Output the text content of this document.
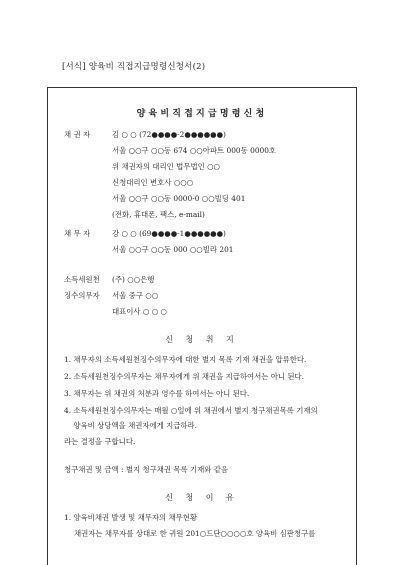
[서식] 양육비 직접지급명령신청서(2)
양육비직접지급명령신청
채 권 자	김 ○ ○ (72●●●●-2●●●●●●)
서울 ○○구 ○○동 674 ○○아파트 000동 0000호
위 채권자의 대리인 법무법인 ○○
신청대리인 변호사 ○○○
서울 ○○구 ○○동 0000-0 ○○빌딩 401
(전화, 휴대폰, 팩스, e-mail)
채 무 자	강 ○ ○ (69●●●●-1●●●●●●)
서울 ○○구 ○○동 000 ○○빌라 201
소득세원천 (주) ○○은행
징수의무자 서울 중구 ○○
대표이사 ○ ○ ○
신 청 취 지
1. 채무자의 소득세원천징수의무자에 대한 별지 목록 기재 채권을 압류한다.
2. 소득세원천징수의무자는 채무자에게 위 채권을 지급하여서는 아니 된다.
3. 채무자는 위 채권의 처분과 영수를 하여서는 아니 된다.
4. 소득세원천징수의무자는 매월 ○일에 위 채권에서 별지 청구채권목록 기재의
양육비 상당액을 채권자에게 지급하라.
라는 결정을 구합니다.
청구채권 및 금액 : 별지 청구채권 목록 기재와 같음
신 청 이 유
1. 양육비채권 발생 및 채무자의 채무현황
채권자는 채무자를 상대로 한 귀원 201○드단○○○○호 양육비 심판청구를
